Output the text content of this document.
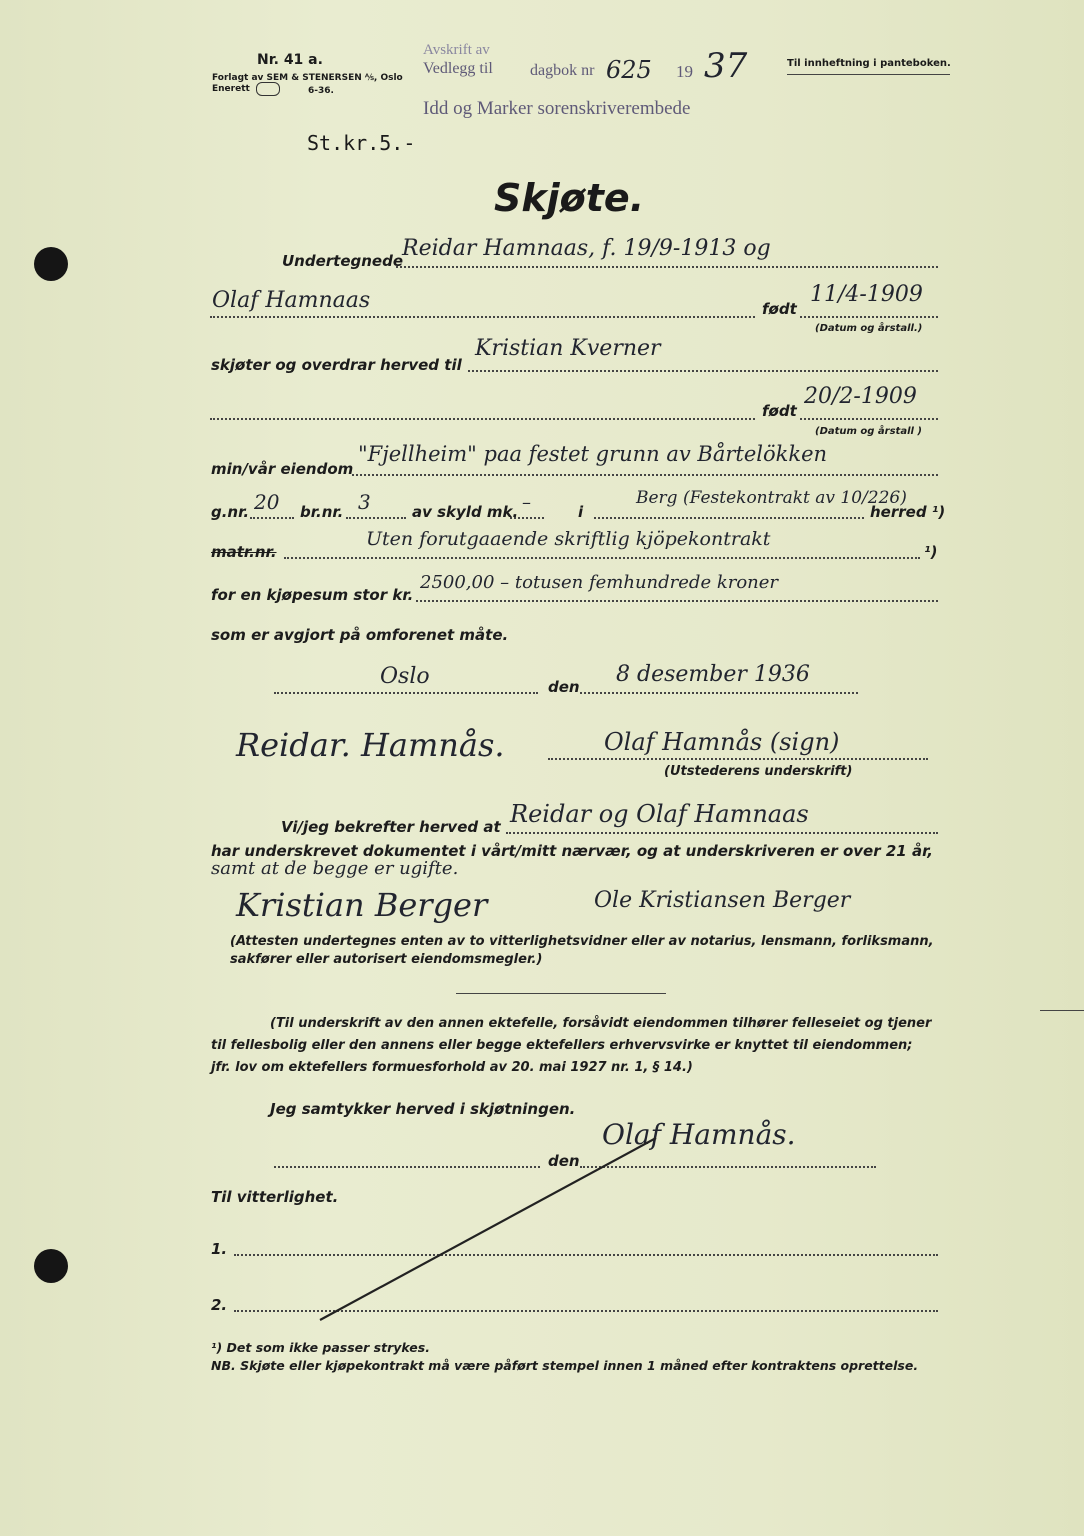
Nr. 41 a.
Forlagt av SEM & STENERSEN ⅍, Oslo
Enerett	6-36.
Avskrift av
Vedlegg til
Idd og Marker sorenskriverembede
dagbok nr 625 19 37	Til innheftning i panteboken.
St.kr.5.-
Skjøte.
Undertegnede
Reidar Hamnaas, f. 19/9-1913 og
Olaf Hamnaas	født
11/4-1909
(Datum og årstall.)
skjøter og overdrar herved til
Kristian Kverner
født
20/2-1909
(Datum og årstall )
min/vår eiendom
"Fjellheim" paa festet grunn av Bårtelökken
g.nr. 20 br.nr. 3	av skyld mk. –	i
Berg (Festekontrakt av 10/226)
herred ¹)
matr.nr.
Uten forutgaaende skriftlig kjöpekontrakt
¹)
for en kjøpesum stor kr.
2500,00 – totusen femhundrede kroner
som er avgjort på omforenet måte.
Oslo	den 8 desember 1936
Reidar. Hamnås.	Olaf Hamnås (sign)
(Utstederens underskrift)
Vi/jeg bekrefter herved at Reidar og Olaf Hamnaas
har underskrevet dokumentet i vårt/mitt nærvær, og at underskriveren er over 21 år,
samt at de begge er ugifte.
Kristian Berger	Ole Kristiansen Berger
(Attesten undertegnes enten av to vitterlighetsvidner eller av notarius, lensmann, forliksmann,
sakfører eller autorisert eiendomsmegler.)
(Til underskrift av den annen ektefelle, forsåvidt eiendommen tilhører felleseiet og tjener
til fellesbolig eller den annens eller begge ektefellers erhvervsvirke er knyttet til eiendommen;
jfr. lov om ektefellers formuesforhold av 20. mai 1927 nr. 1, § 14.)
Jeg samtykker herved i skjøtningen.
Olaf Hamnås.
den
Til vitterlighet.
1.
2.
¹) Det som ikke passer strykes.
NB. Skjøte eller kjøpekontrakt må være påført stempel innen 1 måned efter kontraktens oprettelse.
